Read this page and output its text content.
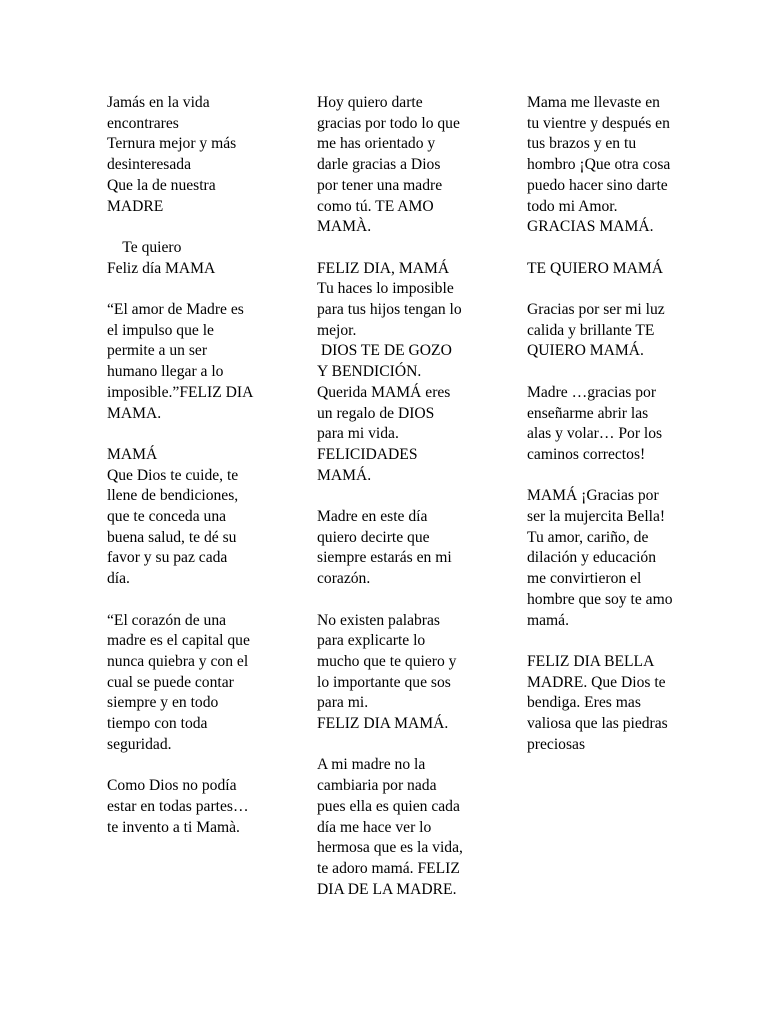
Jamás en la vida
encontrares
Ternura mejor y más
desinteresada
Que la de nuestra
MADRE
Te quiero
Feliz día MAMA
“El amor de Madre es
el impulso que le
permite a un ser
humano llegar a lo
imposible.”FELIZ DIA
MAMA.
MAMÁ
Que Dios te cuide, te
llene de bendiciones,
que te conceda una
buena salud, te dé su
favor y su paz cada
día.
“El corazón de una
madre es el capital que
nunca quiebra y con el
cual se puede contar
siempre y en todo
tiempo con toda
seguridad.
Como Dios no podía
estar en todas partes…
te invento a ti Mamà.
Hoy quiero darte
gracias por todo lo que
me has orientado y
darle gracias a Dios
por tener una madre
como tú. TE AMO
MAMÀ.
FELIZ DIA, MAMÁ
Tu haces lo imposible
para tus hijos tengan lo
mejor.
DIOS TE DE GOZO
Y BENDICIÓN.
Querida MAMÁ eres
un regalo de DIOS
para mi vida.
FELICIDADES
MAMÁ.
Madre en este día
quiero decirte que
siempre estarás en mi
corazón.
No existen palabras
para explicarte lo
mucho que te quiero y
lo importante que sos
para mi.
FELIZ DIA MAMÁ.
A mi madre no la
cambiaria por nada
pues ella es quien cada
día me hace ver lo
hermosa que es la vida,
te adoro mamá. FELIZ
DIA DE LA MADRE.
Mama me llevaste en
tu vientre y después en
tus brazos y en tu
hombro ¡Que otra cosa
puedo hacer sino darte
todo mi Amor.
GRACIAS MAMÁ.
TE QUIERO MAMÁ
Gracias por ser mi luz
calida y brillante TE
QUIERO MAMÁ.
Madre …gracias por
enseñarme abrir las
alas y volar… Por los
caminos correctos!
MAMÁ ¡Gracias por
ser la mujercita Bella!
Tu amor, cariño, de
dilación y educación
me convirtieron el
hombre que soy te amo
mamá.
FELIZ DIA BELLA
MADRE. Que Dios te
bendiga. Eres mas
valiosa que las piedras
preciosas
